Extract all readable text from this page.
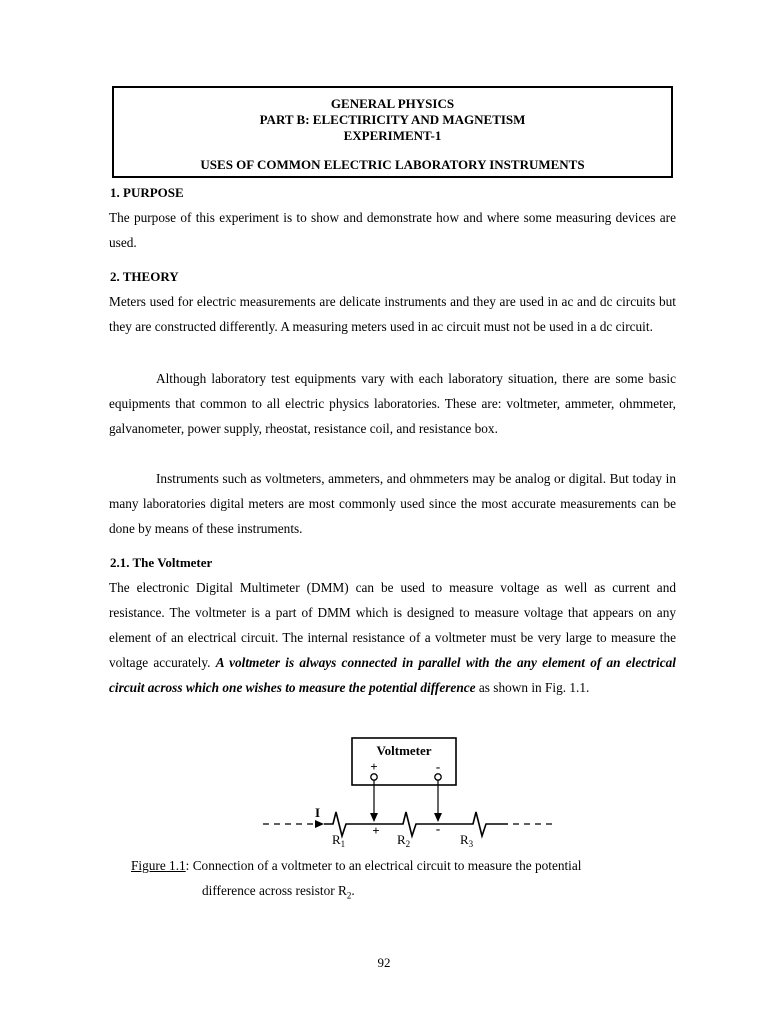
GENERAL PHYSICS
PART B: ELECTIRICITY AND MAGNETISM
EXPERIMENT-1
USES OF COMMON ELECTRIC LABORATORY INSTRUMENTS
1. PURPOSE
The purpose of this experiment is to show and demonstrate how and where some measuring devices are used.
2. THEORY
Meters used for electric measurements are delicate instruments and they are used in ac and dc circuits but they are constructed differently. A measuring meters used in ac circuit must not be used in a dc circuit.
Although laboratory test equipments vary with each laboratory situation, there are some basic equipments that common to all electric physics laboratories. These are: voltmeter, ammeter, ohmmeter, galvanometer, power supply, rheostat, resistance coil, and resistance box.
Instruments such as voltmeters, ammeters, and ohmmeters may be analog or digital. But today in many laboratories digital meters are most commonly used since the most accurate measurements can be done by means of these instruments.
2.1. The Voltmeter
The electronic Digital Multimeter (DMM) can be used to measure voltage as well as current and resistance. The voltmeter is a part of DMM which is designed to measure voltage that appears on any element of an electrical circuit. The internal resistance of a voltmeter must be very large to measure the voltage accurately. A voltmeter is always connected in parallel with the any element of an electrical circuit across which one wishes to measure the potential difference as shown in Fig. 1.1.
Voltmeter
+	-
I
+	-
$R_1$	$R_2$	$R_3$
Figure 1.1: Connection of a voltmeter to an electrical circuit to measure the potential
difference across resistor $R_2$.
92
